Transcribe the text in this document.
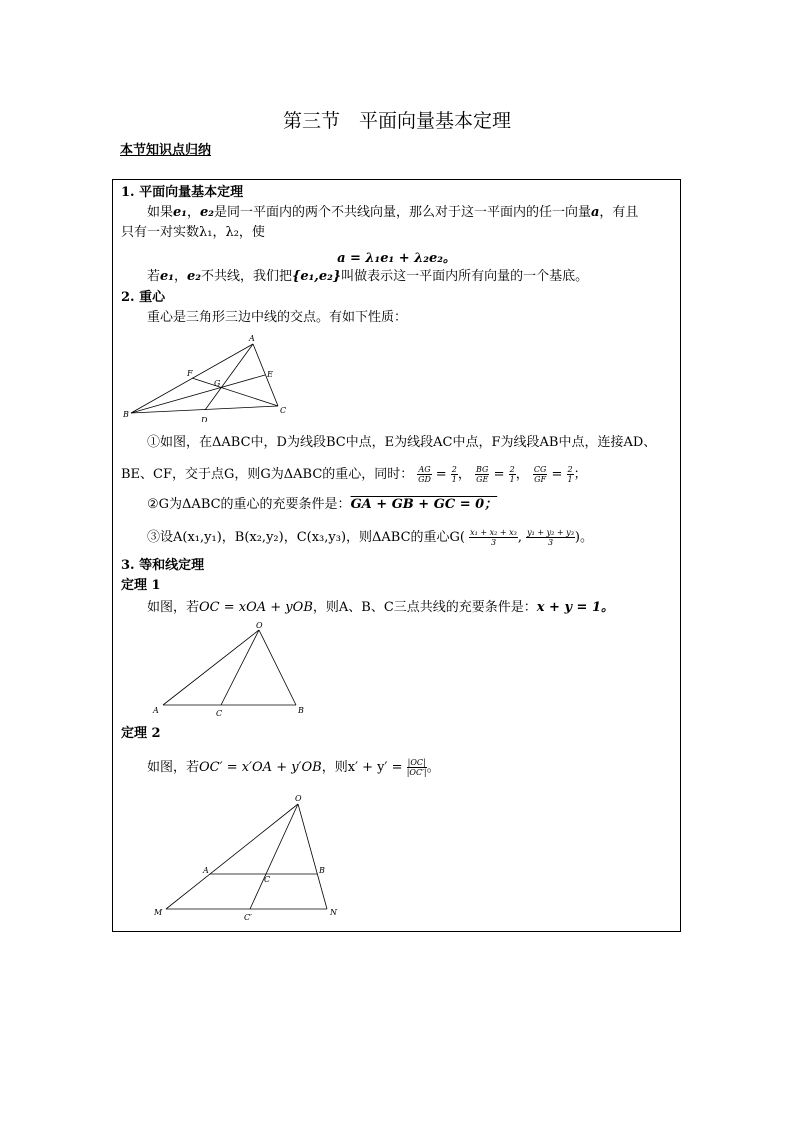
第三节　平面向量基本定理
本节知识点归纳
1. 平面向量基本定理
如果e₁，e₂是同一平面内的两个不共线向量，那么对于这一平面内的任一向量a，有且
只有一对实数λ₁，λ₂，使
a = λ₁e₁ + λ₂e₂。
若e₁，e₂不共线，我们把{e₁,e₂}叫做表示这一平面内所有向量的一个基底。
2. 重心
重心是三角形三边中线的交点。有如下性质：
A
B	C
D
E
F
G
①如图，在ΔABC中，D为线段BC中点，E为线段AC中点，F为线段AB中点，连接AD、
BE、CF，交于点G，则G为ΔABC的重心，同时： $\frac{AG}{GD} = \frac{2}{1}$ ， $\frac{BG}{GE} = \frac{2}{1}$ ， $\frac{CG}{GF} = \frac{2}{1}$ ；
②G为ΔABC的重心的充要条件是：GA + GB + GC = 0；
③设A(x₁,y₁)，B(x₂,y₂)，C(x₃,y₃)，则ΔABC的重心$G( \frac{\text{x₁ + x₂ + x₃}}{3}$ , $\frac{\text{y₁ + y₂ + y₃}}{3}$ )。
3. 等和线定理
定理 1
如图，若OC = xOA + yOB，则A、B、C三点共线的充要条件是：x + y = 1。
O
A	C	B
定理 2
如图，若OC′ = x′OA + y′OB，则$x' + y' = \frac{|OC|}{|OC'|}$ 。
O
A	B
C
M	N
C′
